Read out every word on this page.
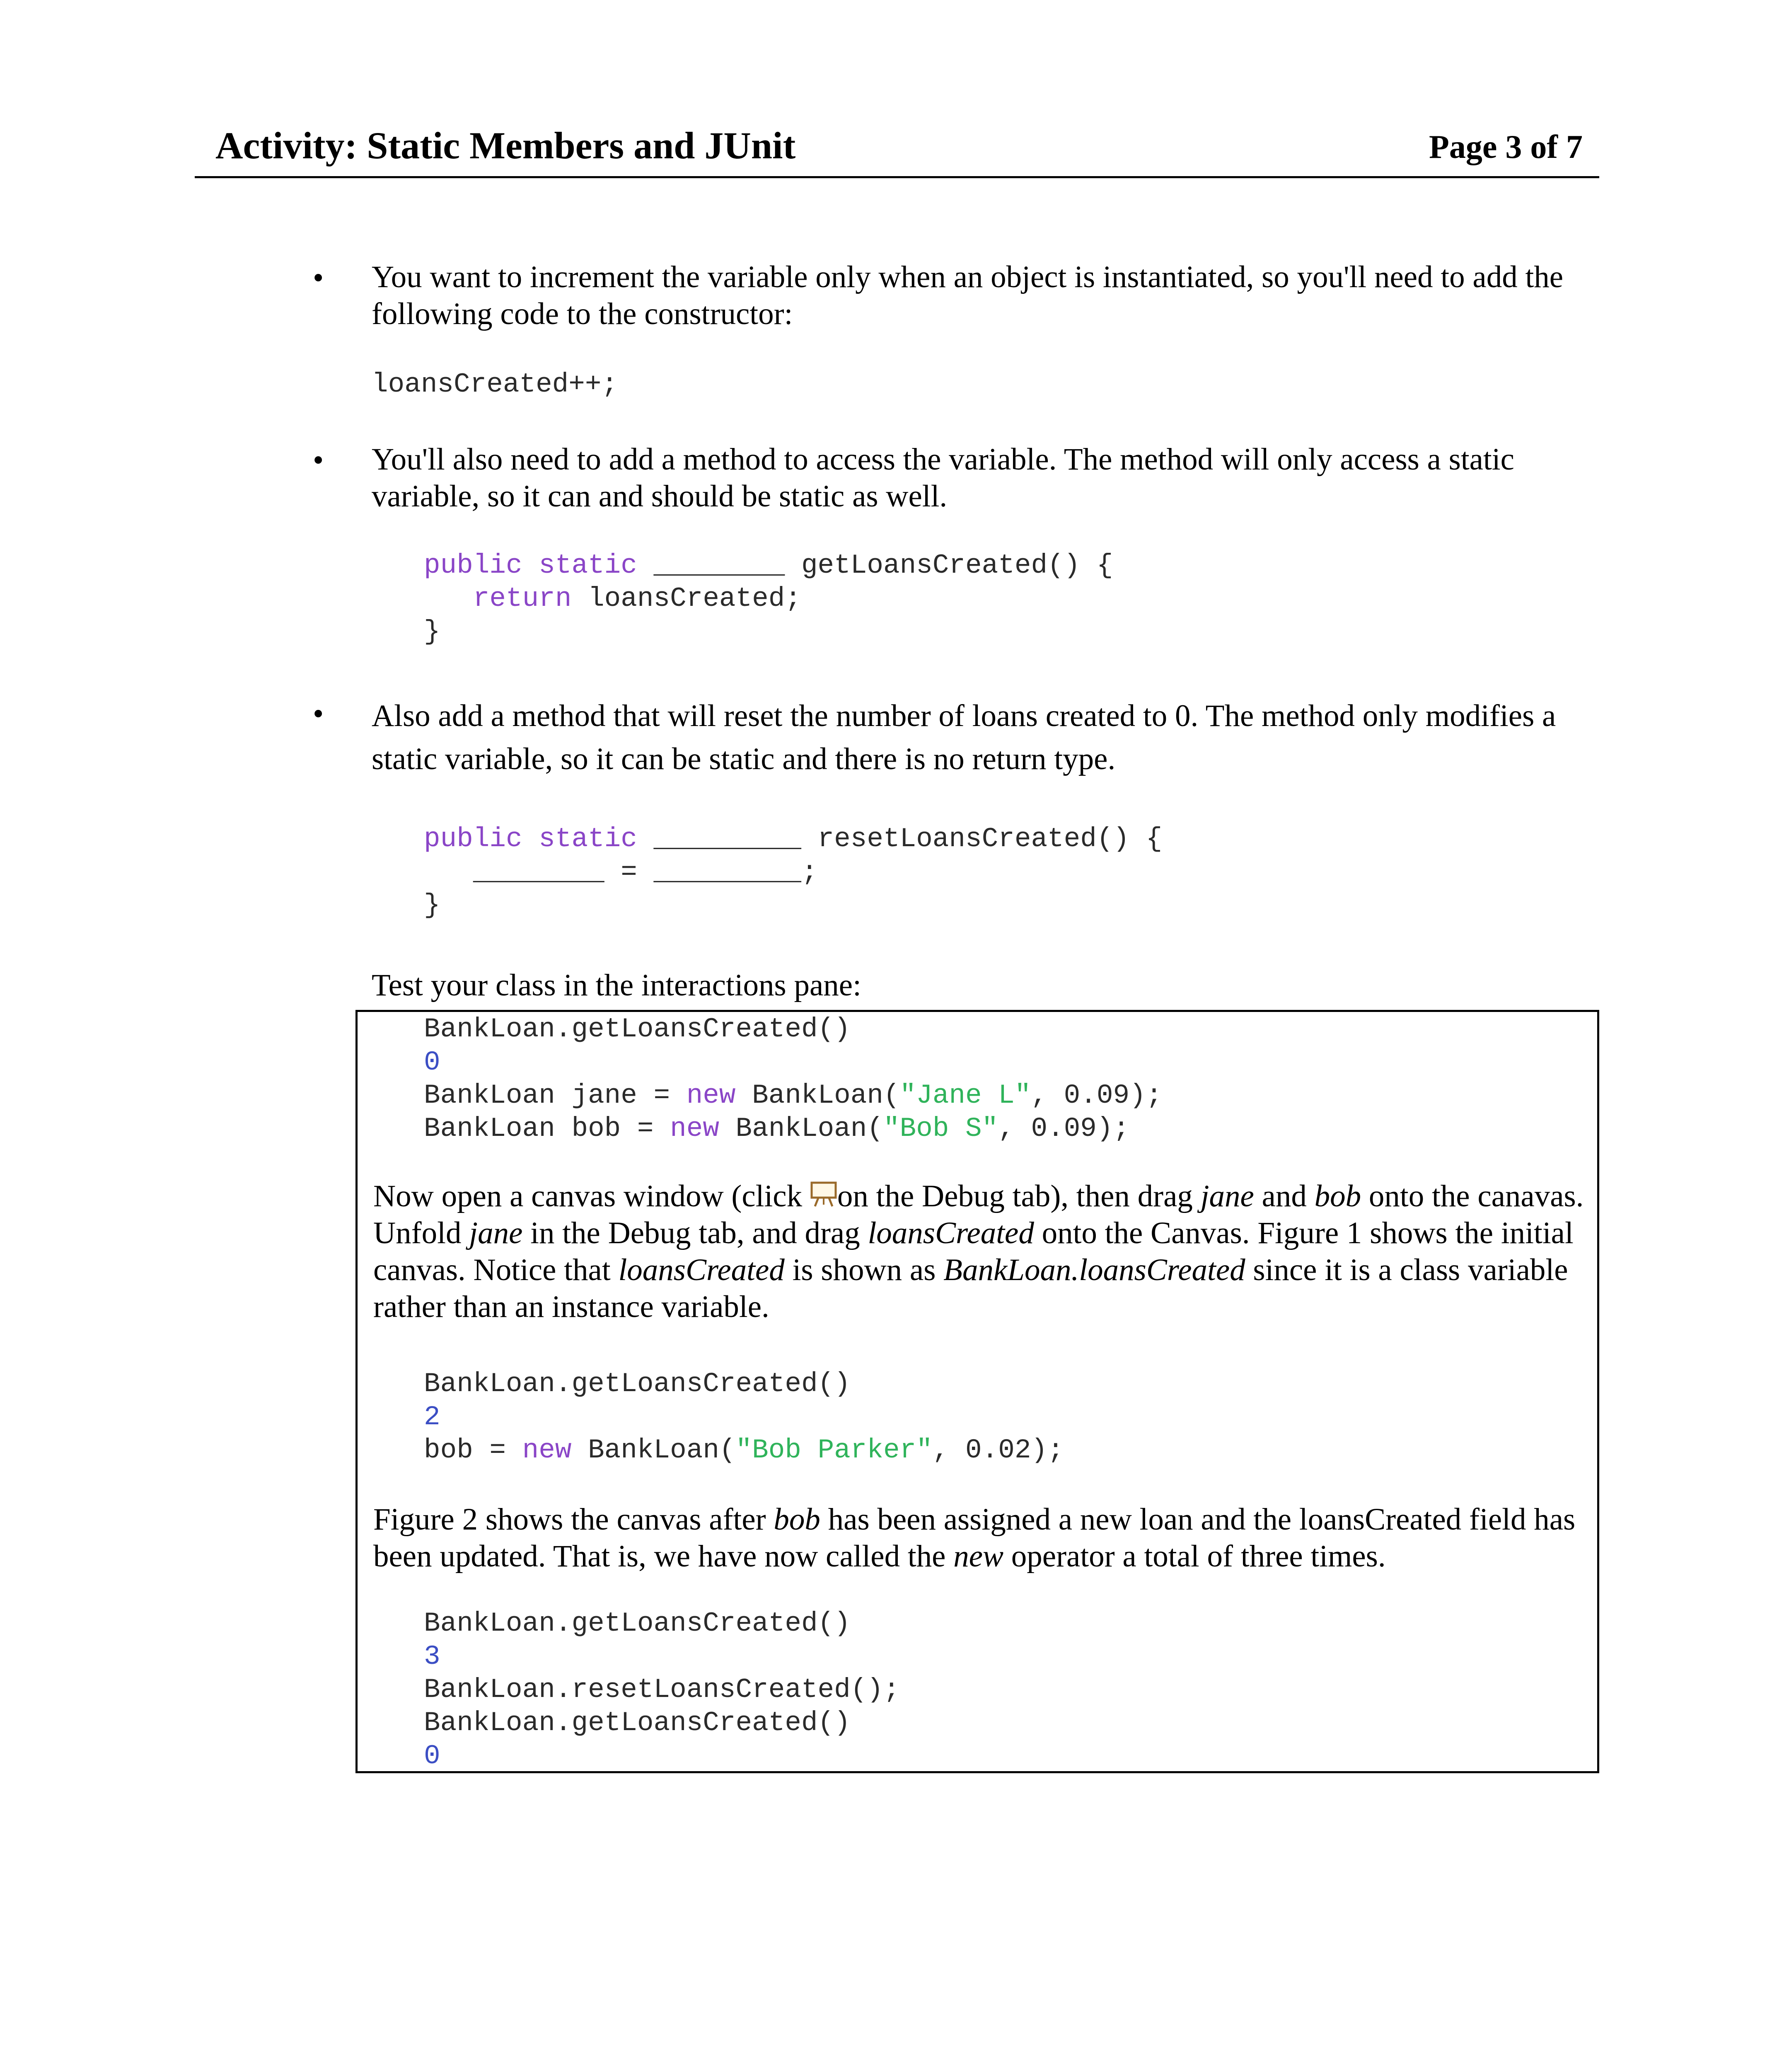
Activity: Static Members and JUnit	Page 3 of 7
• You want to increment the variable only when an object is instantiated, so you'll need to add the following code to the constructor:
loansCreated++;
• You'll also need to add a method to access the variable. The method will only access a static variable, so it can and should be static as well.
public static ________ getLoansCreated() {
return loansCreated;
}
• Also add a method that will reset the number of loans created to 0. The method only modifies a static variable, so it can be static and there is no return type.
public static _________ resetLoansCreated() {
________ = _________;
}
Test your class in the interactions pane:
BankLoan.getLoansCreated()
0
BankLoan jane = new BankLoan("Jane L", 0.09);
BankLoan bob = new BankLoan("Bob S", 0.09);
Now open a canvas window (click on the Debug tab), then drag jane and bob onto the canavas. Unfold jane in the Debug tab, and drag loansCreated onto the Canvas. Figure 1 shows the initial canvas. Notice that loansCreated is shown as BankLoan.loansCreated since it is a class variable rather than an instance variable.
BankLoan.getLoansCreated()
2
bob = new BankLoan("Bob Parker", 0.02);
Figure 2 shows the canvas after bob has been assigned a new loan and the loansCreated field has been updated. That is, we have now called the new operator a total of three times.
BankLoan.getLoansCreated()
3
BankLoan.resetLoansCreated();
BankLoan.getLoansCreated()
0
